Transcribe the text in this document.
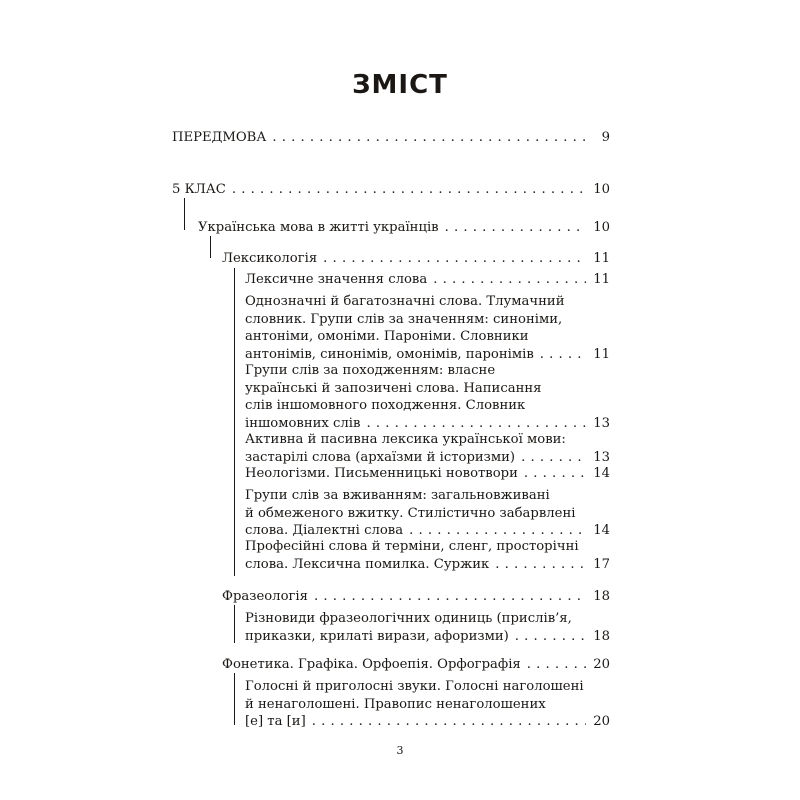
ЗМІСТ
ПЕРЕДМОВА . . .	9
5 КЛАС . . .	10
Українська мова в житті українців . . .	10
Лексикологія . . .	11
Лексичне значення слова . . .	11
Однозначні й багатозначні слова. Тлумачний
словник. Групи слів за значенням: синоніми,
антоніми, омоніми. Пароніми. Словники
антонімів, синонімів, омонімів, паронімів . . .	11
Групи слів за походженням: власне
українські й запозичені слова. Написання
слів іншомовного походження. Словник
іншомовних слів . . .	13
Активна й пасивна лексика української мови:
застарілі слова (архаїзми й історизми) . . .	13
Неологізми. Письменницькі новотвори . . .	14
Групи слів за вживанням: загальновживані
й обмеженого вжитку. Стилістично забарвлені
слова. Діалектні слова . . .	14
Професійні слова й терміни, сленг, просторічні
слова. Лексична помилка. Суржик . . .	17
Фразеологія . . .	18
Різновиди фразеологічних одиниць (прислів’я,
приказки, крилаті вирази, афоризми) . . .	18
Фонетика. Графіка. Орфоепія. Орфографія . . .	20
Голосні й приголосні звуки. Голосні наголошені
й ненаголошені. Правопис ненаголошених
[е] та [и] . . .	20
3
